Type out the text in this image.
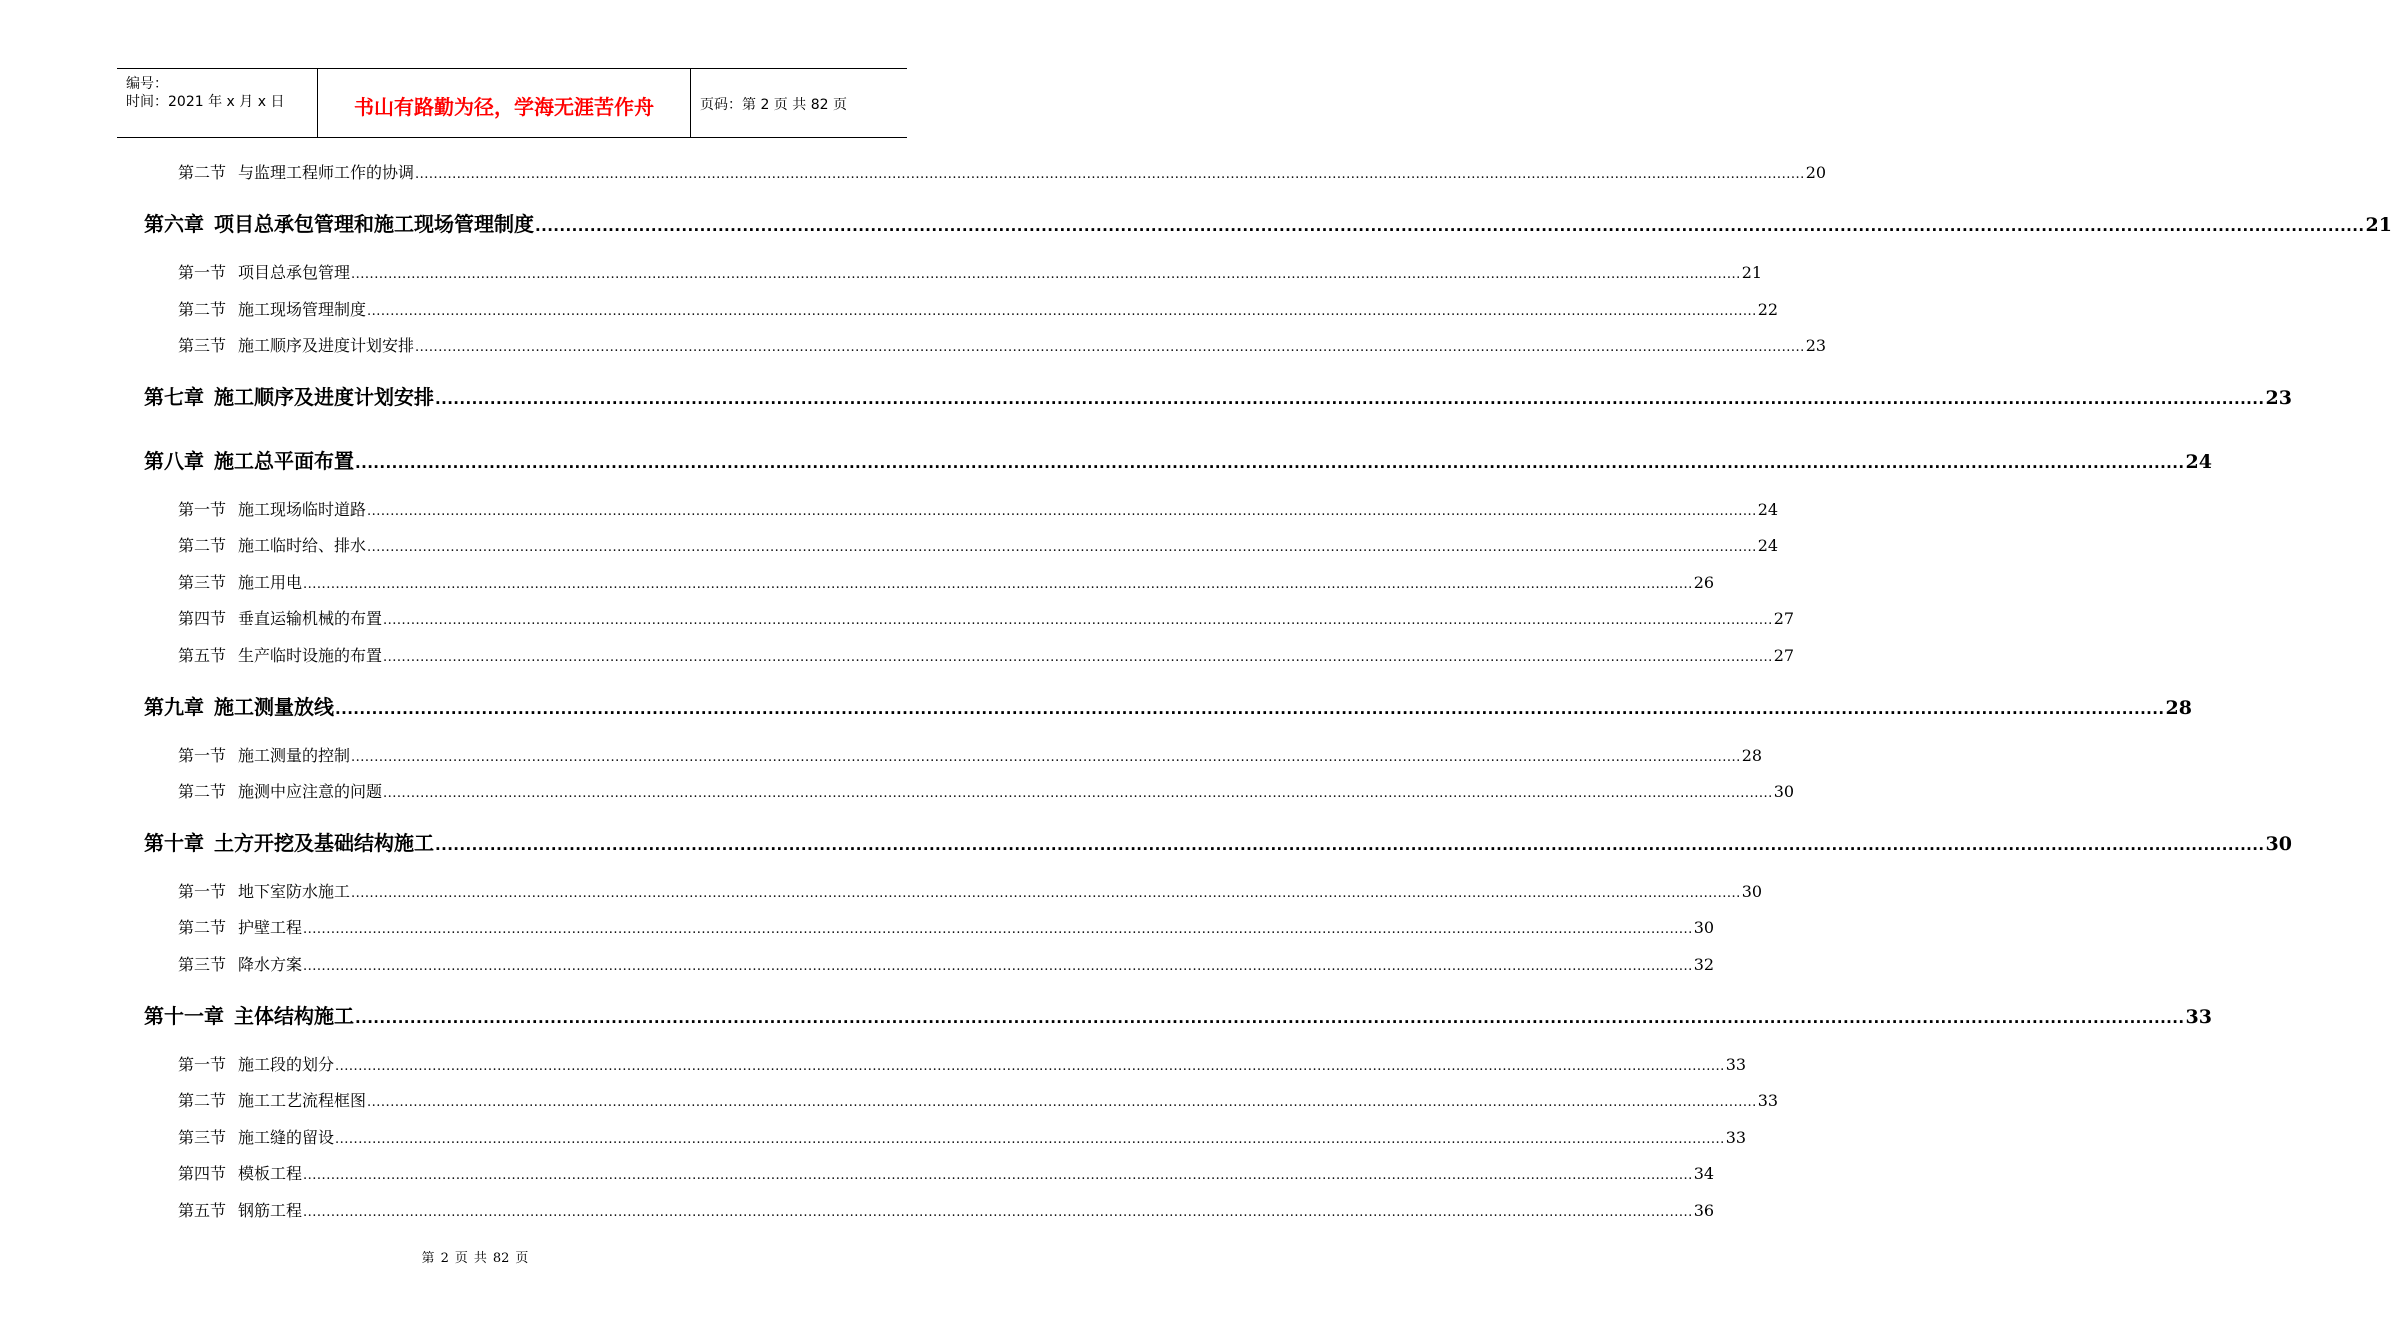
编号：
时间：2021 年 x 月 x 日	书山有路勤为径，学海无涯苦作舟	页码：第 2 页 共 82 页
第二节 与监理工程师工作的协调 ............................................................................................................................................................................................................................................................................................................ 20
第六章 项目总承包管理和施工现场管理制度 ............................................................................................................................................................................................................................................................................................................ 21
第一节 项目总承包管理 ............................................................................................................................................................................................................................................................................................................ 21
第二节 施工现场管理制度 ............................................................................................................................................................................................................................................................................................................ 22
第三节 施工顺序及进度计划安排 ............................................................................................................................................................................................................................................................................................................ 23
第七章 施工顺序及进度计划安排 ............................................................................................................................................................................................................................................................................................................ 23
第八章 施工总平面布置 ............................................................................................................................................................................................................................................................................................................ 24
第一节 施工现场临时道路 ............................................................................................................................................................................................................................................................................................................ 24
第二节 施工临时给、排水 ............................................................................................................................................................................................................................................................................................................ 24
第三节 施工用电 ............................................................................................................................................................................................................................................................................................................ 26
第四节 垂直运输机械的布置 ............................................................................................................................................................................................................................................................................................................ 27
第五节 生产临时设施的布置 ............................................................................................................................................................................................................................................................................................................ 27
第九章 施工测量放线 ............................................................................................................................................................................................................................................................................................................ 28
第一节 施工测量的控制 ............................................................................................................................................................................................................................................................................................................ 28
第二节 施测中应注意的问题 ............................................................................................................................................................................................................................................................................................................ 30
第十章 土方开挖及基础结构施工 ............................................................................................................................................................................................................................................................................................................ 30
第一节 地下室防水施工 ............................................................................................................................................................................................................................................................................................................ 30
第二节 护壁工程 ............................................................................................................................................................................................................................................................................................................ 30
第三节 降水方案 ............................................................................................................................................................................................................................................................................................................ 32
第十一章 主体结构施工 ............................................................................................................................................................................................................................................................................................................ 33
第一节 施工段的划分 ............................................................................................................................................................................................................................................................................................................ 33
第二节 施工工艺流程框图 ............................................................................................................................................................................................................................................................................................................ 33
第三节 施工缝的留设 ............................................................................................................................................................................................................................................................................................................ 33
第四节 模板工程 ............................................................................................................................................................................................................................................................................................................ 34
第五节 钢筋工程 ............................................................................................................................................................................................................................................................................................................ 36
第 2 页 共 82 页
